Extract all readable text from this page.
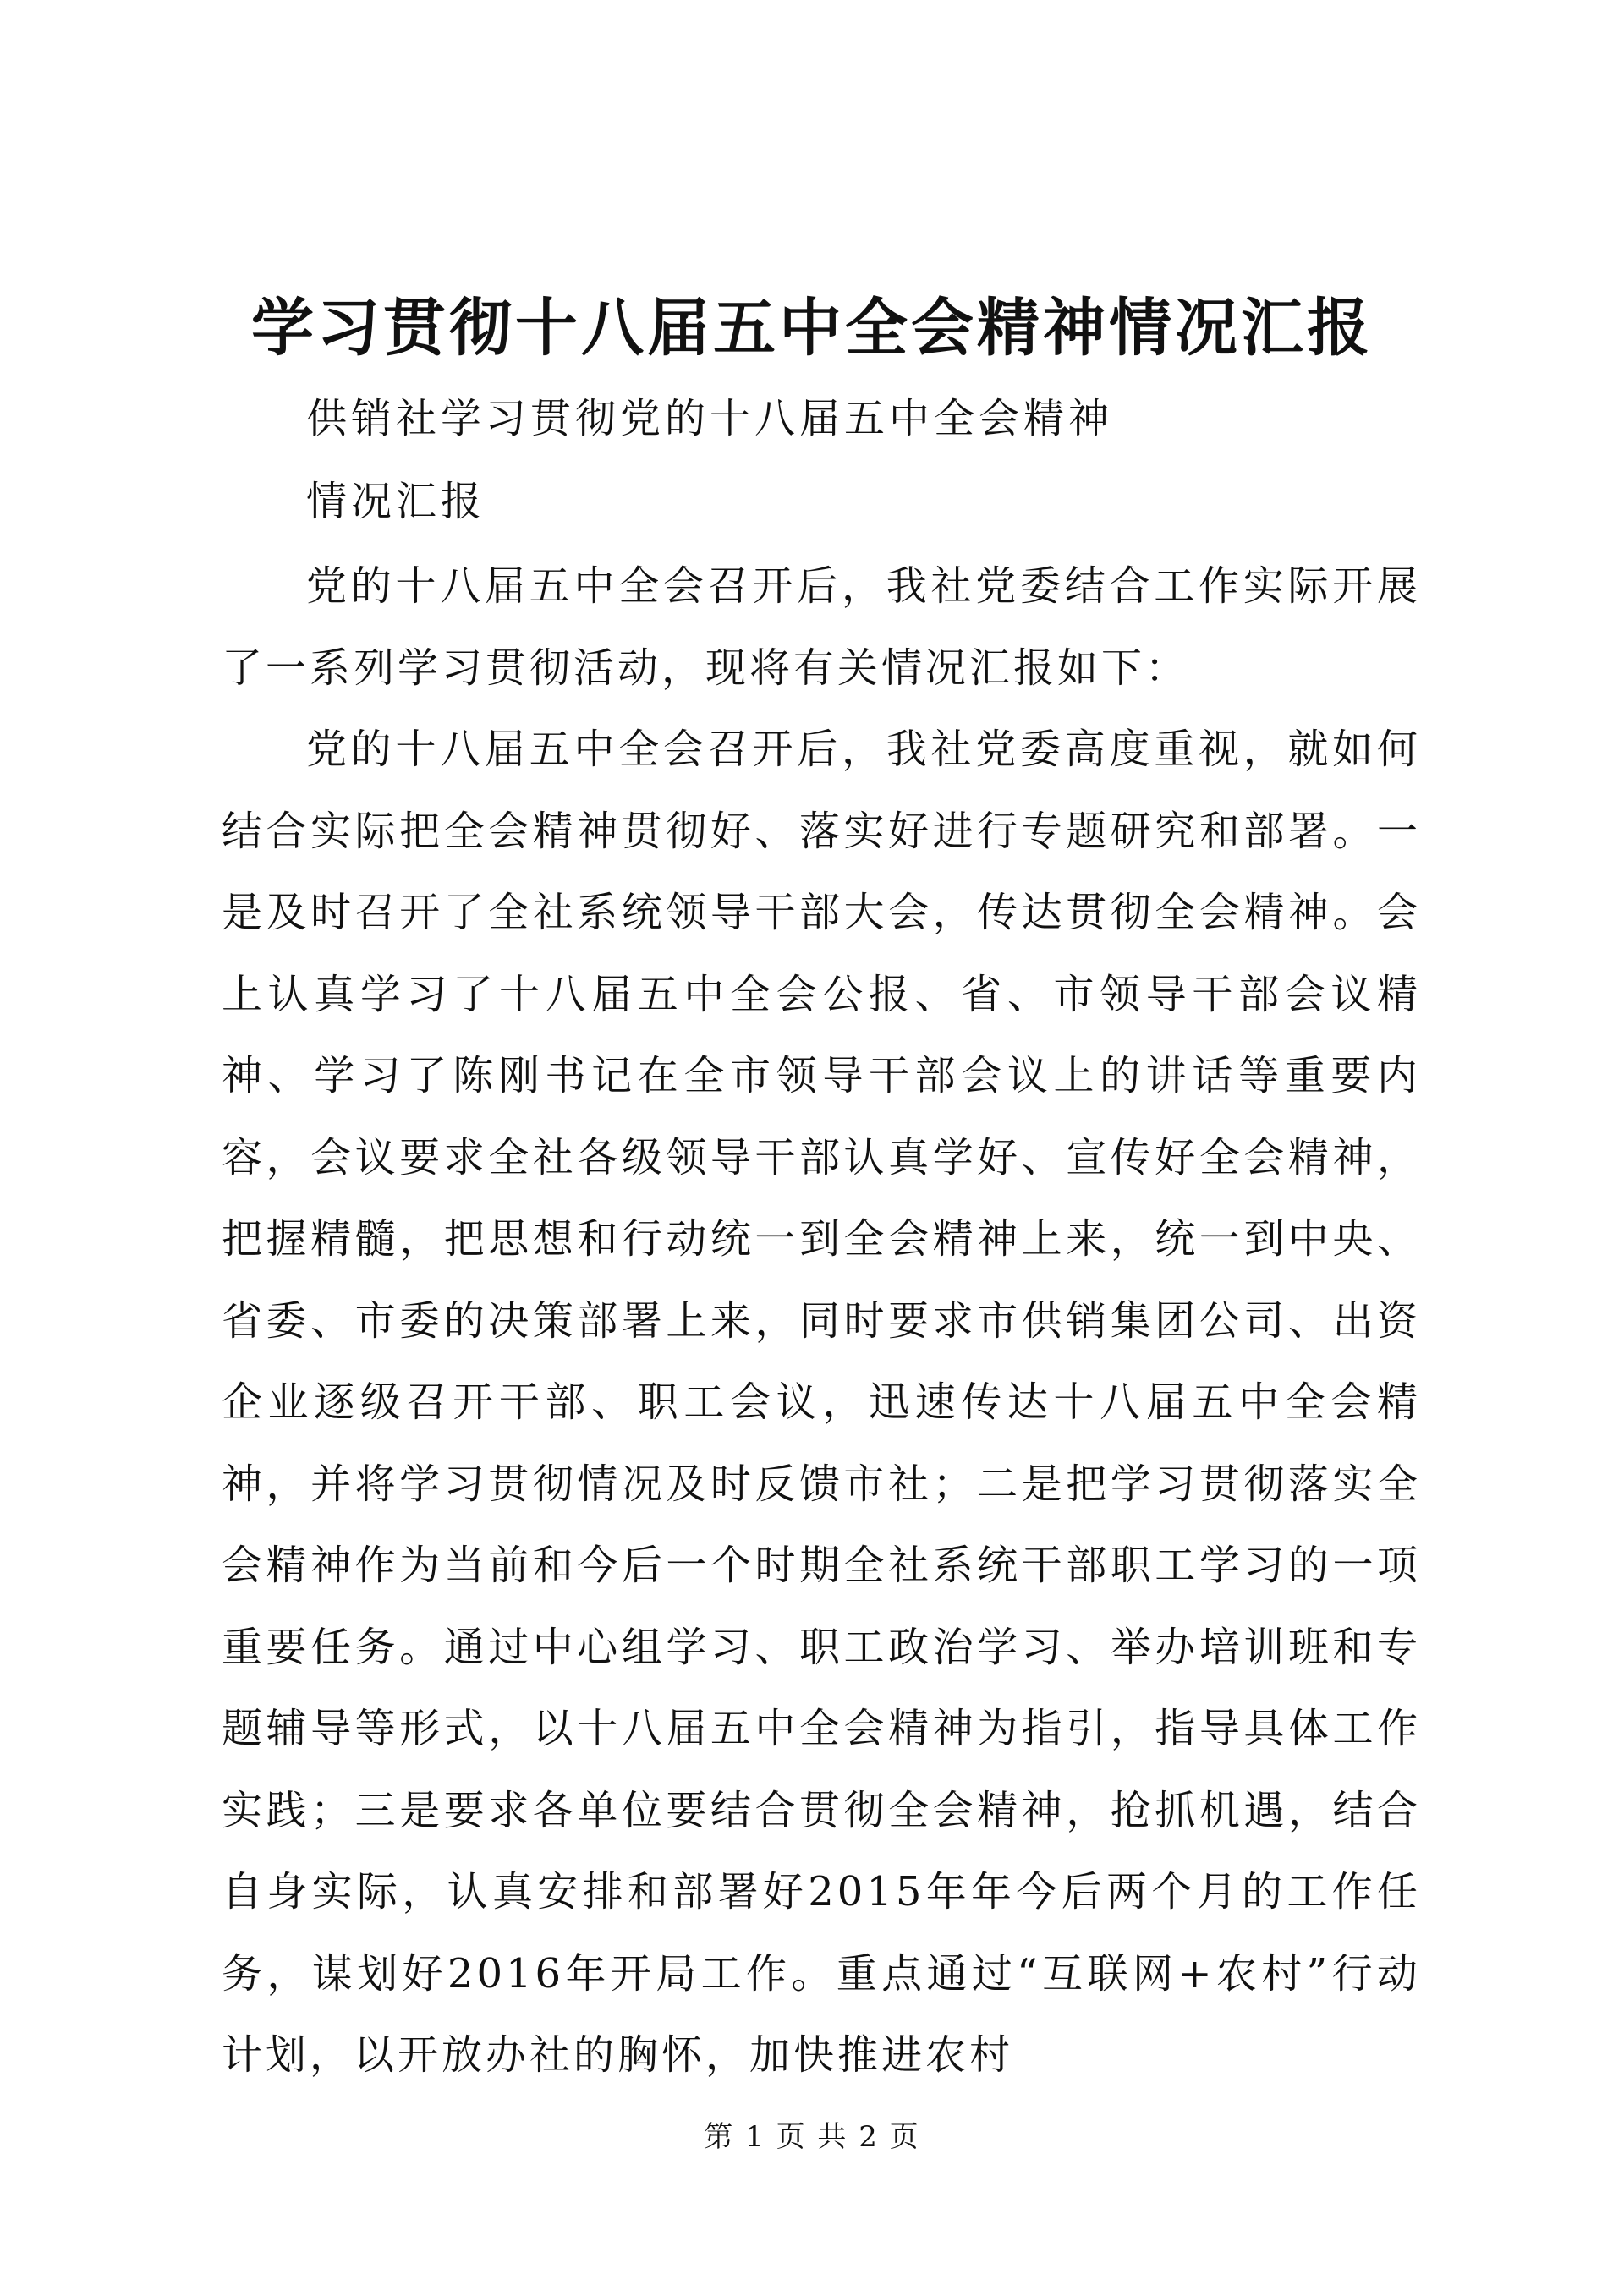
学习贯彻十八届五中全会精神情况汇报
供销社学习贯彻党的十八届五中全会精神
情况汇报

党的十八届五中全会召开后，我社党委结合工作实际开展了一系列学习贯彻活动，现将有关情况汇报如下：

党的十八届五中全会召开后，我社党委高度重视，就如何结合实际把全会精神贯彻好、落实好进行专题研究和部署。一是及时召开了全社系统领导干部大会，传达贯彻全会精神。会上认真学习了十八届五中全会公报、省、市领导干部会议精神、学习了陈刚书记在全市领导干部会议上的讲话等重要内容，会议要求全社各级领导干部认真学好、宣传好全会精神，把握精髓，把思想和行动统一到全会精神上来，统一到中央、省委、市委的决策部署上来，同时要求市供销集团公司、出资企业逐级召开干部、职工会议，迅速传达十八届五中全会精神，并将学习贯彻情况及时反馈市社；二是把学习贯彻落实全会精神作为当前和今后一个时期全社系统干部职工学习的一项重要任务。通过中心组学习、职工政治学习、举办培训班和专题辅导等形式，以十八届五中全会精神为指引，指导具体工作实践；三是要求各单位要结合贯彻全会精神，抢抓机遇，结合自身实际，认真安排和部署好2015年年今后两个月的工作任务，谋划好2016年开局工作。重点通过“互联网+农村”行动计划，以开放办社的胸怀，加快推进农村

第 1 页 共 2 页
